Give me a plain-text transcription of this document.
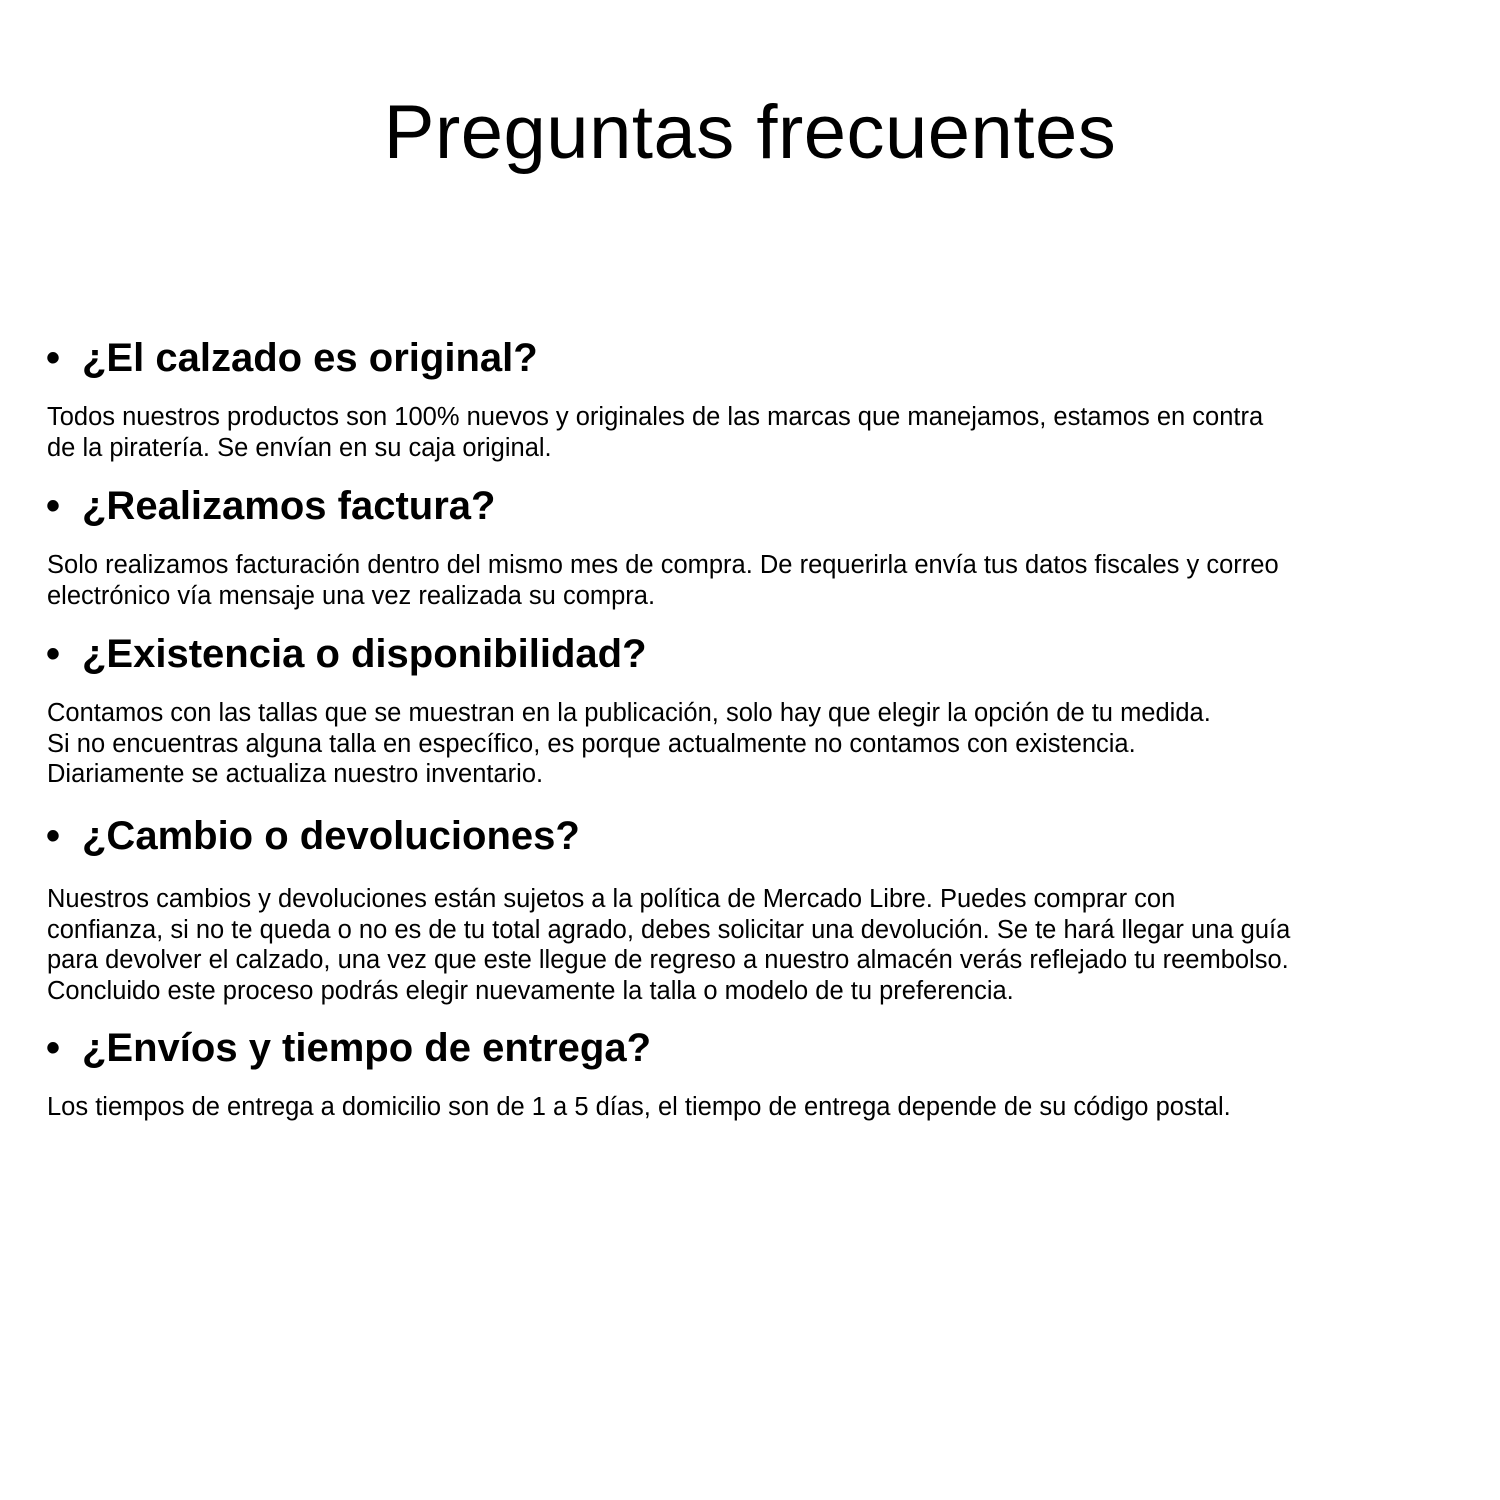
Preguntas frecuentes
• ¿El calzado es original?

Todos nuestros productos son 100% nuevos y originales de las marcas que manejamos, estamos en contra
de la piratería. Se envían en su caja original.

• ¿Realizamos factura?

Solo realizamos facturación dentro del mismo mes de compra. De requerirla envía tus datos fiscales y correo
electrónico vía mensaje una vez realizada su compra.

• ¿Existencia o disponibilidad?

Contamos con las tallas que se muestran en la publicación, solo hay que elegir la opción de tu medida.
Si no encuentras alguna talla en específico, es porque actualmente no contamos con existencia.
Diariamente se actualiza nuestro inventario.

• ¿Cambio o devoluciones?

Nuestros cambios y devoluciones están sujetos a la política de Mercado Libre. Puedes comprar con
confianza, si no te queda o no es de tu total agrado, debes solicitar una devolución. Se te hará llegar una guía
para devolver el calzado, una vez que este llegue de regreso a nuestro almacén verás reflejado tu reembolso.
Concluido este proceso podrás elegir nuevamente la talla o modelo de tu preferencia.

• ¿Envíos y tiempo de entrega?

Los tiempos de entrega a domicilio son de 1 a 5 días, el tiempo de entrega depende de su código postal.
